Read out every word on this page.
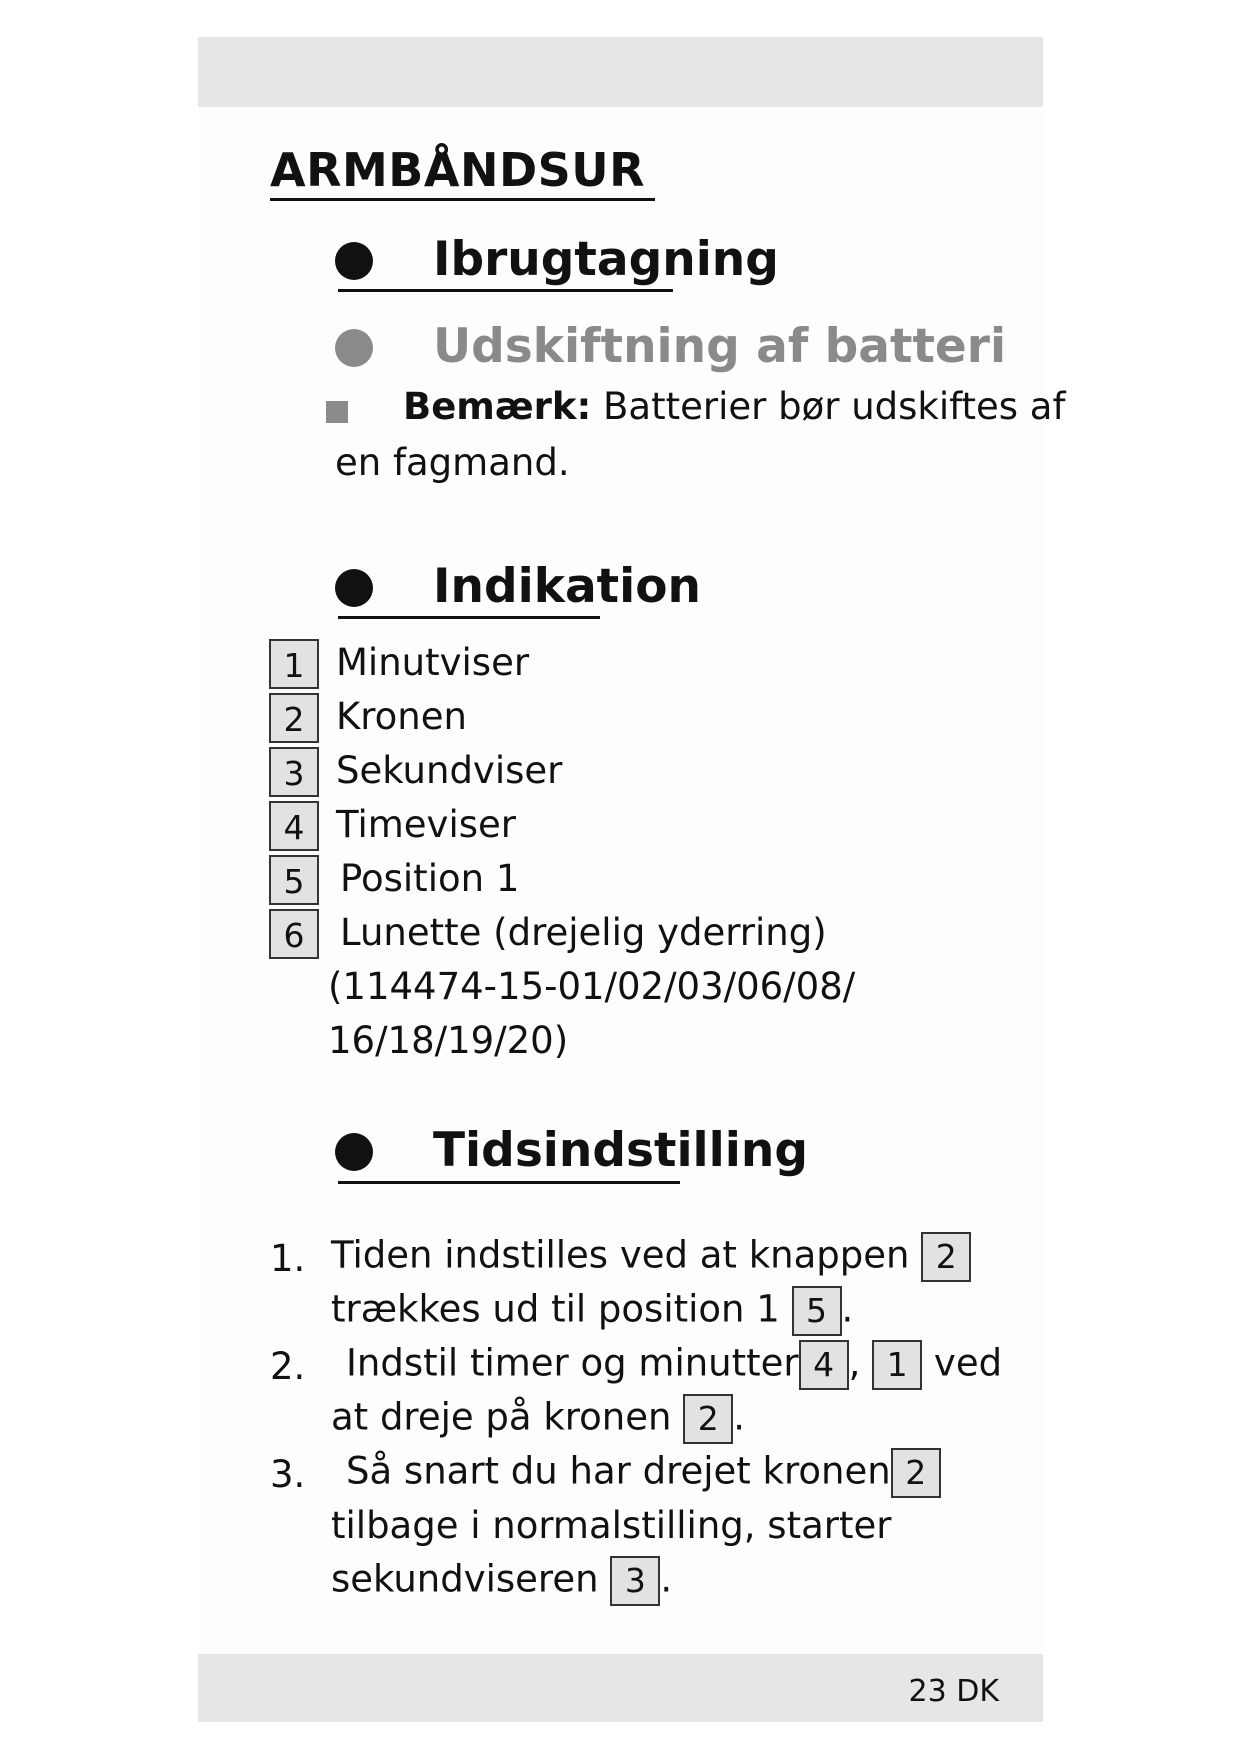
ARMBÅNDSUR
Ibrugtagning
Udskiftning af batteri
Bemærk: Batterier bør udskiftes af
en fagmand.
Indikation
1 Minutviser
2 Kronen
3 Sekundviser
4 Timeviser
5 Position 1
6 Lunette (drejelig yderring)
(114474-15-01/02/03/06/08/
16/18/19/20)
Tidsindstilling
1. Tiden indstilles ved at knappen 2
trækkes ud til position 1 5 .
2. Indstil timer og minutter 4 , 1 ved
at dreje på kronen 2 .
3. Så snart du har drejet kronen 2
tilbage i normalstilling, starter
sekundviseren 3 .
23 DK
